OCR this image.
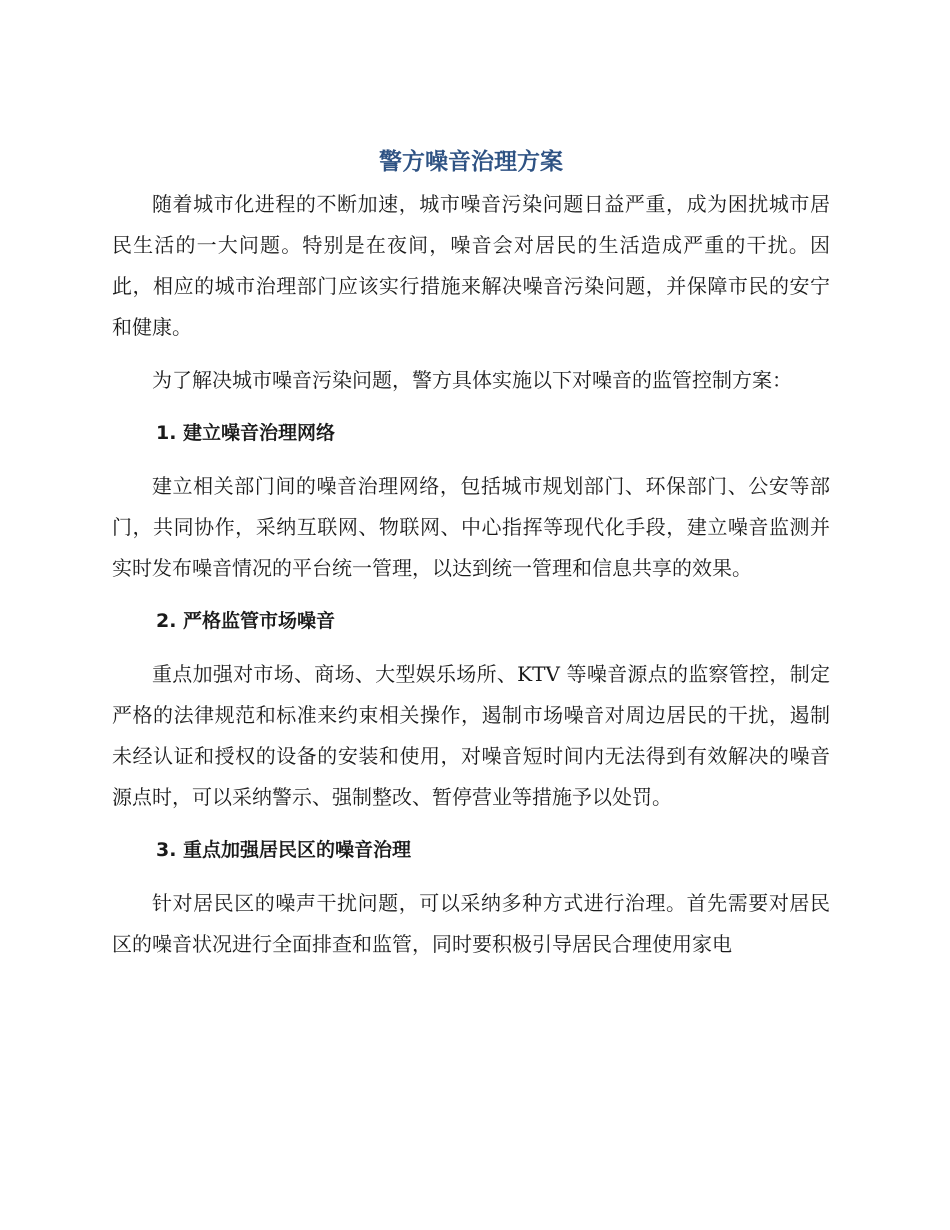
警方噪音治理方案

随着城市化进程的不断加速，城市噪音污染问题日益严重，成为困扰城市居民生活的一大问题。特别是在夜间，噪音会对居民的生活造成严重的干扰。因此，相应的城市治理部门应该实行措施来解决噪音污染问题，并保障市民的安宁和健康。

为了解决城市噪音污染问题，警方具体实施以下对噪音的监管控制方案：

1. 建立噪音治理网络

建立相关部门间的噪音治理网络，包括城市规划部门、环保部门、公安等部门，共同协作，采纳互联网、物联网、中心指挥等现代化手段，建立噪音监测并实时发布噪音情况的平台统一管理，以达到统一管理和信息共享的效果。

2. 严格监管市场噪音

重点加强对市场、商场、大型娱乐场所、KTV 等噪音源点的监察管控，制定严格的法律规范和标准来约束相关操作，遏制市场噪音对周边居民的干扰，遏制未经认证和授权的设备的安装和使用，对噪音短时间内无法得到有效解决的噪音源点时，可以采纳警示、强制整改、暂停营业等措施予以处罚。

3. 重点加强居民区的噪音治理

针对居民区的噪声干扰问题，可以采纳多种方式进行治理。首先需要对居民区的噪音状况进行全面排查和监管，同时要积极引导居民合理使用家电
